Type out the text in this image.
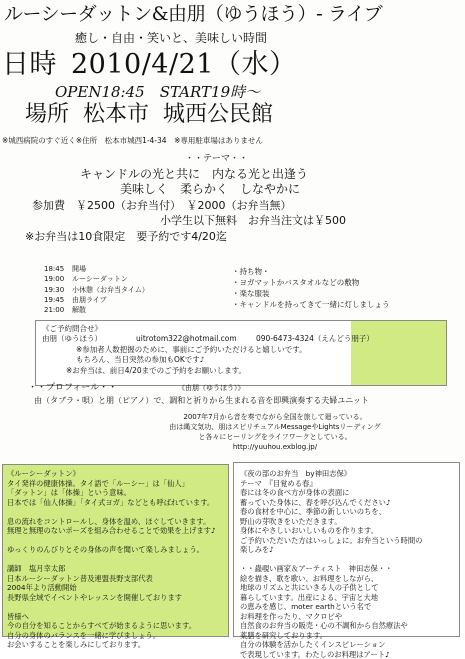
ルーシーダットン&由朋（ゆうほう）- ライブ
癒し・自由・笑いと、美味しい時間
日時 2010/4/21（水）
OPEN18:45　START19時～
場所 松本市 城西公民館
※城西病院のすぐ近く※住所　松本市城西1-4-34　※専用駐車場はありません
・・テーマ・・
キャンドルの光と共に　内なる光と出逢う
美味しく　柔らかく　しなやかに
参加費　 ￥2500（お弁当付）　 ￥2000（お弁当無）
小学生以下無料　お弁当注文は￥500
※お弁当は10食限定　要予約です4/20迄
18:45 開場
19:00 ルーシーダットン
19:30 小休憩（お弁当タイム）
19:45 由朋ライブ
21:00 解散
・持ち物・
・ヨガマットかバスタオルなどの敷物
・楽な服装
・キャンドルを持ってきて一緒に灯しましょう
《ご予約問合せ》
由朋（ゆうほう）	uitrotom322@hotmail.com	090-6473-4324（えんどう朋子）
※参加者人数把握のために、事前にご予約いただけると嬉しいです。
もちろん、当日突然の参加もOKです♪
※お弁当は、前日4/20までのご予約をお願いします。
・・プロフィール・・	《由朋（ゆうほう）》
由（タブラ・唄）と朋（ピアノ）で、調和と祈りから生まれる音を即興演奏する夫婦ユニット
2007年7月から音を奏でながら全国を旅して廻っている。
由は縄文気功、朋はスピリチュアルMessageやLightsリーディング
と各々にヒーリングをライフワークとしている。
http://yuuhou.exblog.jp/
《ルーシーダットン》
タイ発祥の健康体操。タイ語で「ルーシー」は「仙人」
「ダットン」は「体操」という意味。
日本では「仙人体操」「タイ式ヨガ」などとも呼ばれています。

息の流れをコントロールし、身体を温め、ほぐしていきます。
無理と無理のないポーズを組み合わせることで効果を上げます♪

ゆっくりのんびりとその身体の声を聞いて楽しみましょう。

講師　塩月幸太郎
日本ルーシーダットン普及連盟長野支部代表
2004年より活動開始
長野県全域でイベントやレッスンを開催しております

皆様へ
今の自分を知ることからすべてが始まるように思います。
自分の身体のバランスを一緒に学びましょう。
お会いすることを楽しみにしております。
《夜の部のお弁当　by神田志保》
テーマ　『目覚める春』
春には冬の食べ方が身体の表面に
蓄っていた身体に、春を呼び込んでください♪
春の食材を中心に、季節の新しいいのちを、
野山の芽吹きをいただきます。
身体にやさしいおいしいものを作ります。
ご予約いただいた方はいっしょに。お弁当という時間の
楽しみを♪

・・蟲覗い画家＆アーティスト　神田志保・・
絵を描き、歌を歌い、お料理をしながら、
地球のリズムと共にいきる人の子供として
暮らしています。出産による、宇宙と大地
の恵みを感じ、moter earthという名で
お料理を作ったり、マクロビや
自然食のお弁当の販売・心の不調和から自然療法や
薬膳を研究しております。
自分の体験を活かしたくインスピレーション
で表現しています。わたしのお料理はアート♪
